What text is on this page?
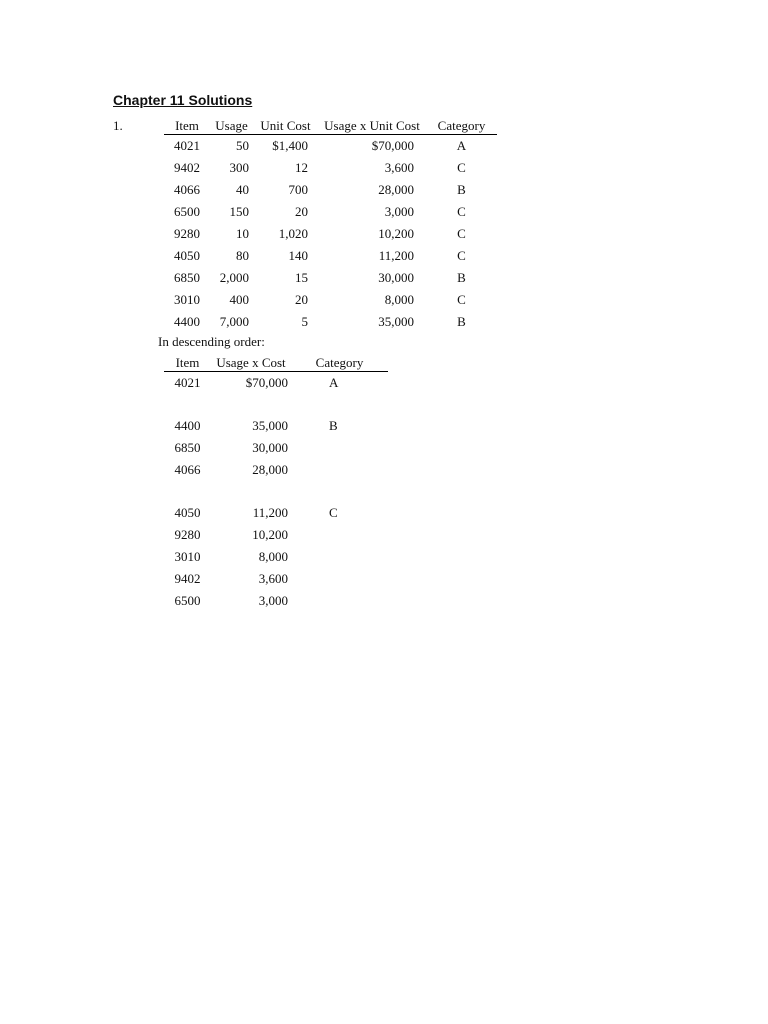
Chapter 11 Solutions
1.	Item	Usage	Unit Cost	Usage x Unit Cost	Category
4021	50	$1,400	$70,000	A
9402	300	12	3,600	C
4066	40	700	28,000	B
6500	150	20	3,000	C
9280	10	1,020	10,200	C
4050	80	140	11,200	C
6850	2,000	15	30,000	B
3010	400	20	8,000	C
4400	7,000	5	35,000	B
In descending order:
Item	Usage x Cost	Category
4021	$70,000	A

4400	35,000	B
6850	30,000	
4066	28,000	

4050	11,200	C
9280	10,200	
3010	8,000	
9402	3,600	
6500	3,000	
